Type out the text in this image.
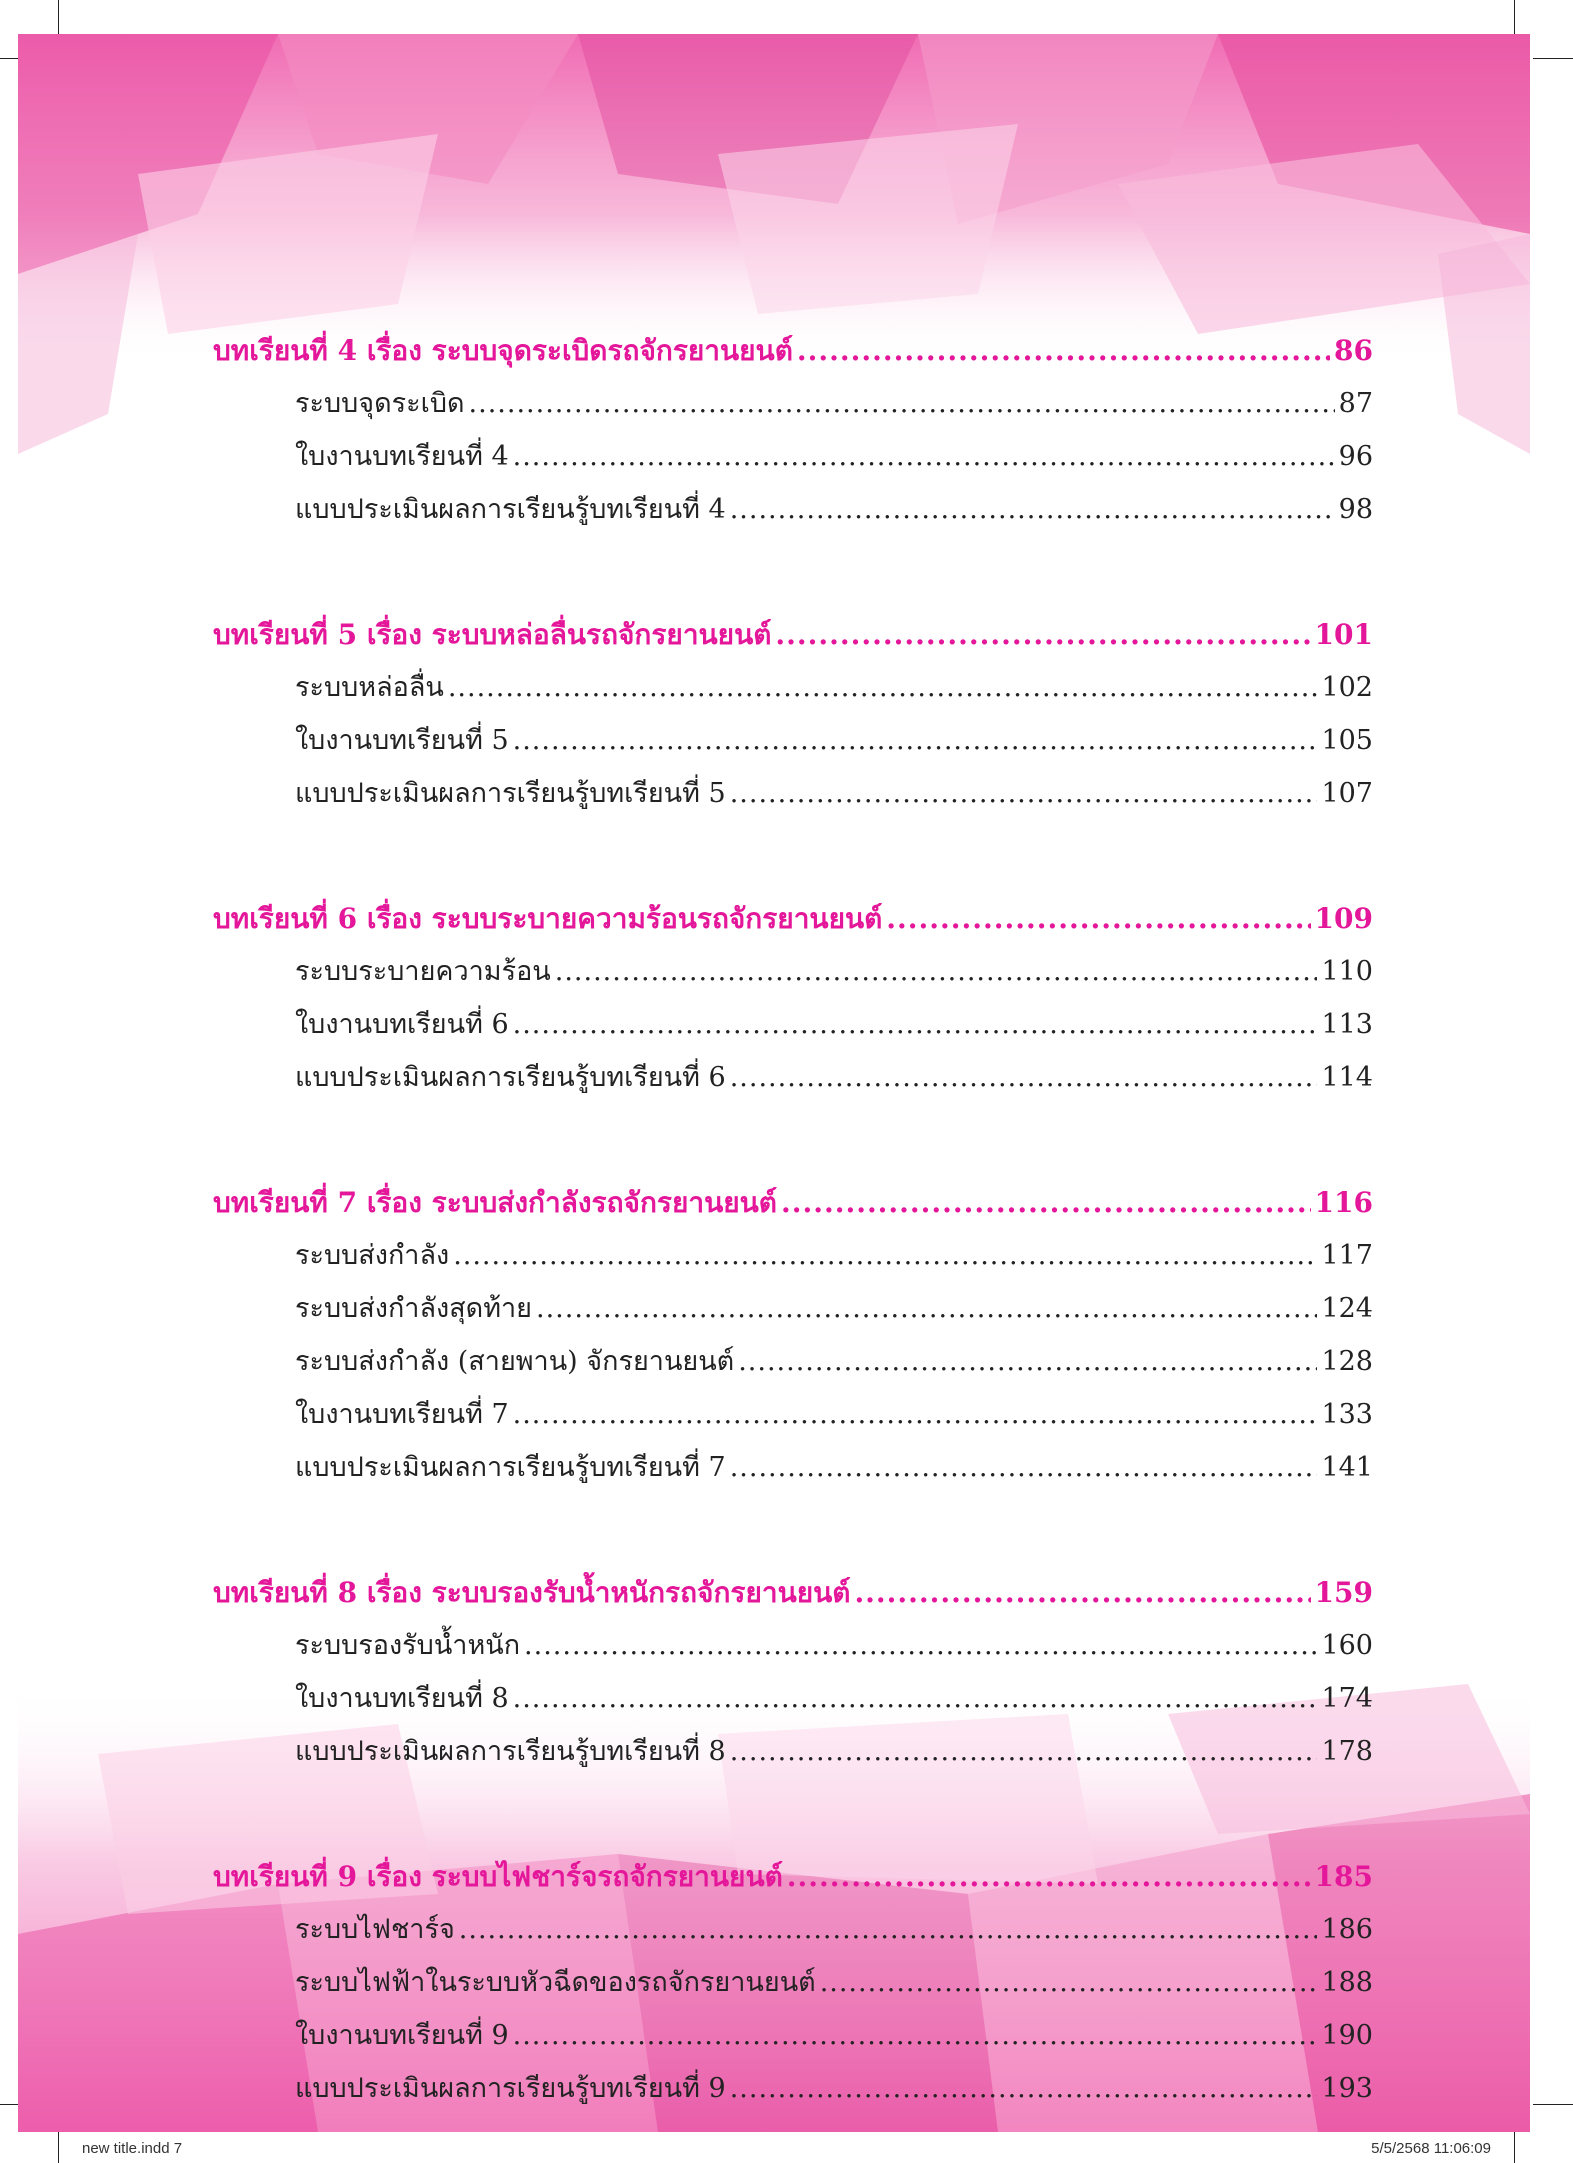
บทเรียนที่ 4 เรื่อง ระบบจุดระเบิดรถจักรยานยนต์ .....	86
ระบบจุดระเบิด .....	87
ใบงานบทเรียนที่ 4 .....	96
แบบประเมินผลการเรียนรู้บทเรียนที่ 4 .....	98
บทเรียนที่ 5 เรื่อง ระบบหล่อลื่นรถจักรยานยนต์ .....	101
ระบบหล่อลื่น .....	102
ใบงานบทเรียนที่ 5 .....	105
แบบประเมินผลการเรียนรู้บทเรียนที่ 5 .....	107
บทเรียนที่ 6 เรื่อง ระบบระบายความร้อนรถจักรยานยนต์ .....	109
ระบบระบายความร้อน .....	110
ใบงานบทเรียนที่ 6 .....	113
แบบประเมินผลการเรียนรู้บทเรียนที่ 6 .....	114
บทเรียนที่ 7 เรื่อง ระบบส่งกำลังรถจักรยานยนต์ .....	116
ระบบส่งกำลัง .....	117
ระบบส่งกำลังสุดท้าย .....	124
ระบบส่งกำลัง (สายพาน) จักรยานยนต์ .....	128
ใบงานบทเรียนที่ 7 .....	133
แบบประเมินผลการเรียนรู้บทเรียนที่ 7 .....	141
บทเรียนที่ 8 เรื่อง ระบบรองรับน้ำหนักรถจักรยานยนต์ .....	159
ระบบรองรับน้ำหนัก .....	160
ใบงานบทเรียนที่ 8 .....	174
แบบประเมินผลการเรียนรู้บทเรียนที่ 8 .....	178
บทเรียนที่ 9 เรื่อง ระบบไฟชาร์จรถจักรยานยนต์ .....	185
ระบบไฟชาร์จ .....	186
ระบบไฟฟ้าในระบบหัวฉีดของรถจักรยานยนต์ .....	188
ใบงานบทเรียนที่ 9 .....	190
แบบประเมินผลการเรียนรู้บทเรียนที่ 9 .....	193
new title.indd 7	5/5/2568 11:06:09
